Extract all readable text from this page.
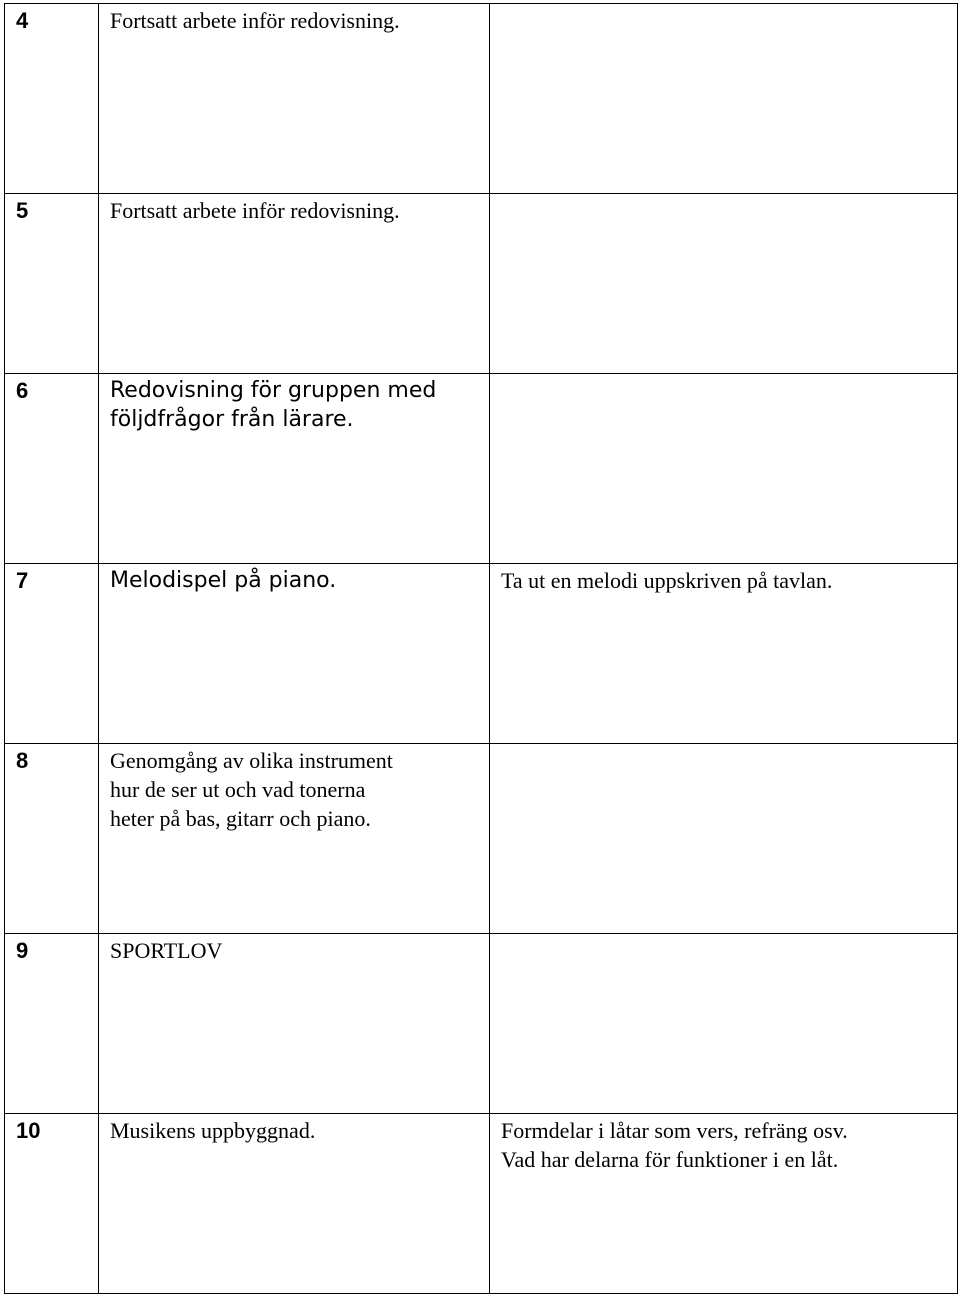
4	Fortsatt arbete inför redovisning.	

5	Fortsatt arbete inför redovisning.	

6	Redovisning för gruppen med
följdfrågor från lärare.	

7	Melodispel på piano.	Ta ut en melodi uppskriven på tavlan.

8	Genomgång av olika instrument
hur de ser ut och vad tonerna
heter på bas, gitarr och piano.	

9	SPORTLOV	

10	Musikens uppbyggnad.	Formdelar i låtar som vers, refräng osv.
Vad har delarna för funktioner i en låt.
